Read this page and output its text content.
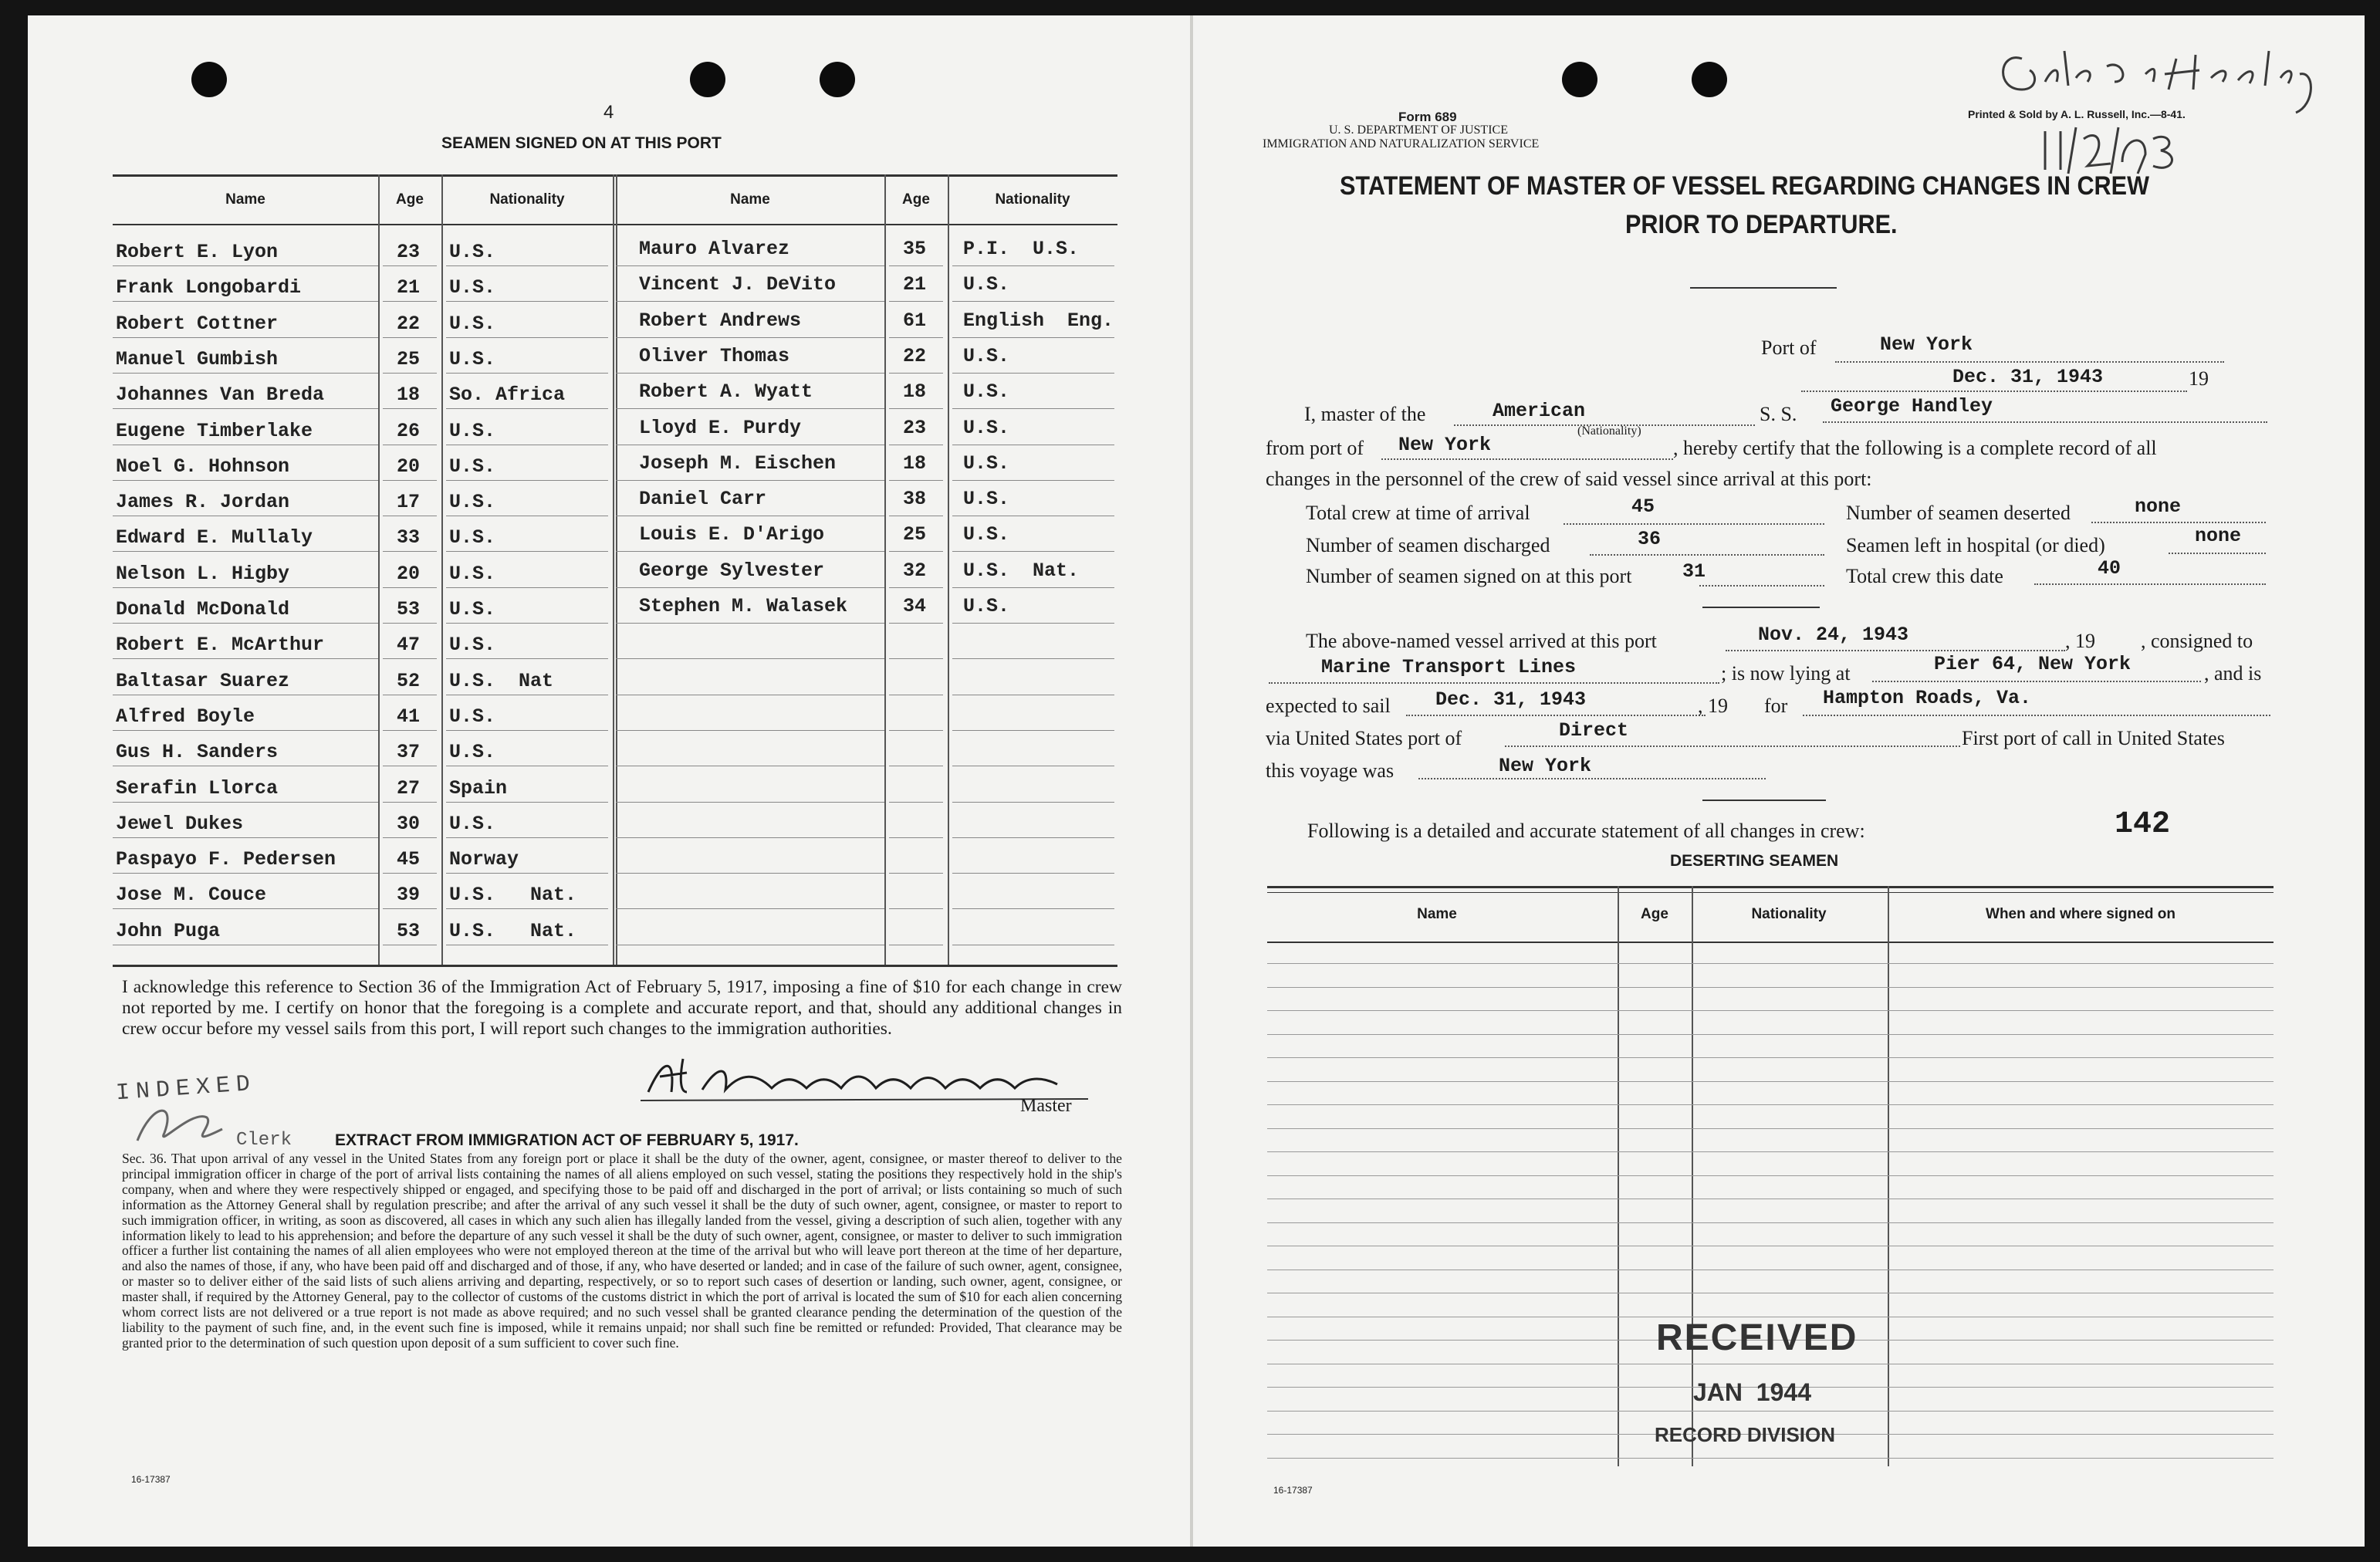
4
SEAMEN SIGNED ON AT THIS PORT
Name	Age	Nationality	Name	Age	Nationality
Robert E. Lyon	23 U.S.
Frank Longobardi	21 U.S.
Robert Cottner	22 U.S.
Manuel Gumbish	25 U.S.
Johannes Van Breda	18 So. Africa
Eugene Timberlake	26 U.S.
Noel G. Hohnson	20 U.S.
James R. Jordan	17 U.S.
Edward E. Mullaly	33 U.S.
Nelson L. Higby	20 U.S.
Donald McDonald	53 U.S.
Robert E. McArthur	47 U.S.
Baltasar Suarez	52 U.S.  Nat
Alfred Boyle	41 U.S.
Gus H. Sanders	37 U.S.
Serafin Llorca	27 Spain
Jewel Dukes	30 U.S.
Paspayo F. Pedersen	45 Norway
Jose M. Couce	39 U.S.   Nat.
John Puga	53 U.S.   Nat.
Mauro Alvarez	35 P.I.  U.S.
Vincent J. DeVito	21 U.S.
Robert Andrews	61 English  Eng.
Oliver Thomas	22 U.S.
Robert A. Wyatt	18 U.S.
Lloyd E. Purdy	23 U.S.
Joseph M. Eischen	18 U.S.
Daniel Carr	38 U.S.
Louis E. D'Arigo	25 U.S.
George Sylvester	32 U.S.  Nat.
Stephen M. Walasek	34 U.S.
I acknowledge this reference to Section 36 of the Immigration Act of February 5, 1917, imposing a fine of $10 for each change in crew not reported by me. I certify on honor that the foregoing is a complete and accurate report, and that, should any additional changes in crew occur before my vessel sails from this port, I will report such changes to the immigration authorities.
Master
INDEXED
Clerk	EXTRACT FROM IMMIGRATION ACT OF FEBRUARY 5, 1917.
Sec. 36. That upon arrival of any vessel in the United States from any foreign port or place it shall be the duty of the owner, agent, consignee, or master thereof to deliver to the principal immigration officer in charge of the port of arrival lists containing the names of all aliens employed on such vessel, stating the positions they respectively hold in the ship's company, when and where they were respectively shipped or engaged, and specifying those to be paid off and discharged in the port of arrival; or lists containing so much of such information as the Attorney General shall by regulation prescribe; and after the arrival of any such vessel it shall be the duty of such owner, agent, consignee, or master to report to such immigration officer, in writing, as soon as discovered, all cases in which any such alien has illegally landed from the vessel, giving a description of such alien, together with any information likely to lead to his apprehension; and before the departure of any such vessel it shall be the duty of such owner, agent, consignee, or master to deliver to such immigration officer a further list containing the names of all alien employees who were not employed thereon at the time of the arrival but who will leave port thereon at the time of her departure, and also the names of those, if any, who have been paid off and discharged and of those, if any, who have deserted or landed; and in case of the failure of such owner, agent, consignee, or master so to deliver either of the said lists of such aliens arriving and departing, respectively, or so to report such cases of desertion or landing, such owner, agent, consignee, or master shall, if required by the Attorney General, pay to the collector of customs of the customs district in which the port of arrival is located the sum of $10 for each alien concerning whom correct lists are not delivered or a true report is not made as above required; and no such vessel shall be granted clearance pending the determination of the question of the liability to the payment of such fine, and, in the event such fine is imposed, while it remains unpaid; nor shall such fine be remitted or refunded: Provided, That clearance may be granted prior to the determination of such question upon deposit of a sum sufficient to cover such fine.
16-17387
Form 689
U. S. DEPARTMENT OF JUSTICE
IMMIGRATION AND NATURALIZATION SERVICE
Printed & Sold by A. L. Russell, Inc.—8-41.
STATEMENT OF MASTER OF VESSEL REGARDING CHANGES IN CREW
PRIOR TO DEPARTURE.
Port of	New York
Dec. 31, 1943	19
I, master of the	American	S. S. George Handley
from port of New York
(Nationality)
, hereby certify that the following is a complete record of all
changes in the personnel of the crew of said vessel since arrival at this port:
Total crew at time of arrival	45	Number of seamen deserted	none
Number of seamen discharged	36	Seamen left in hospital (or died)	none
Number of seamen signed on at this port	31	Total crew this date	40
The above-named vessel arrived at this port	Nov. 24, 1943	, 19 , consigned to
Marine Transport Lines	; is now lying at	Pier 64, New York	, and is
expected to sail Dec. 31, 1943	, 19 for Hampton Roads, Va.
via United States port of	Direct	First port of call in United States
this voyage was	New York
Following is a detailed and accurate statement of all changes in crew:	142
DESERTING SEAMEN
Name	Age	Nationality	When and where signed on
RECEIVED
JAN  1944
RECORD DIVISION
16-17387
